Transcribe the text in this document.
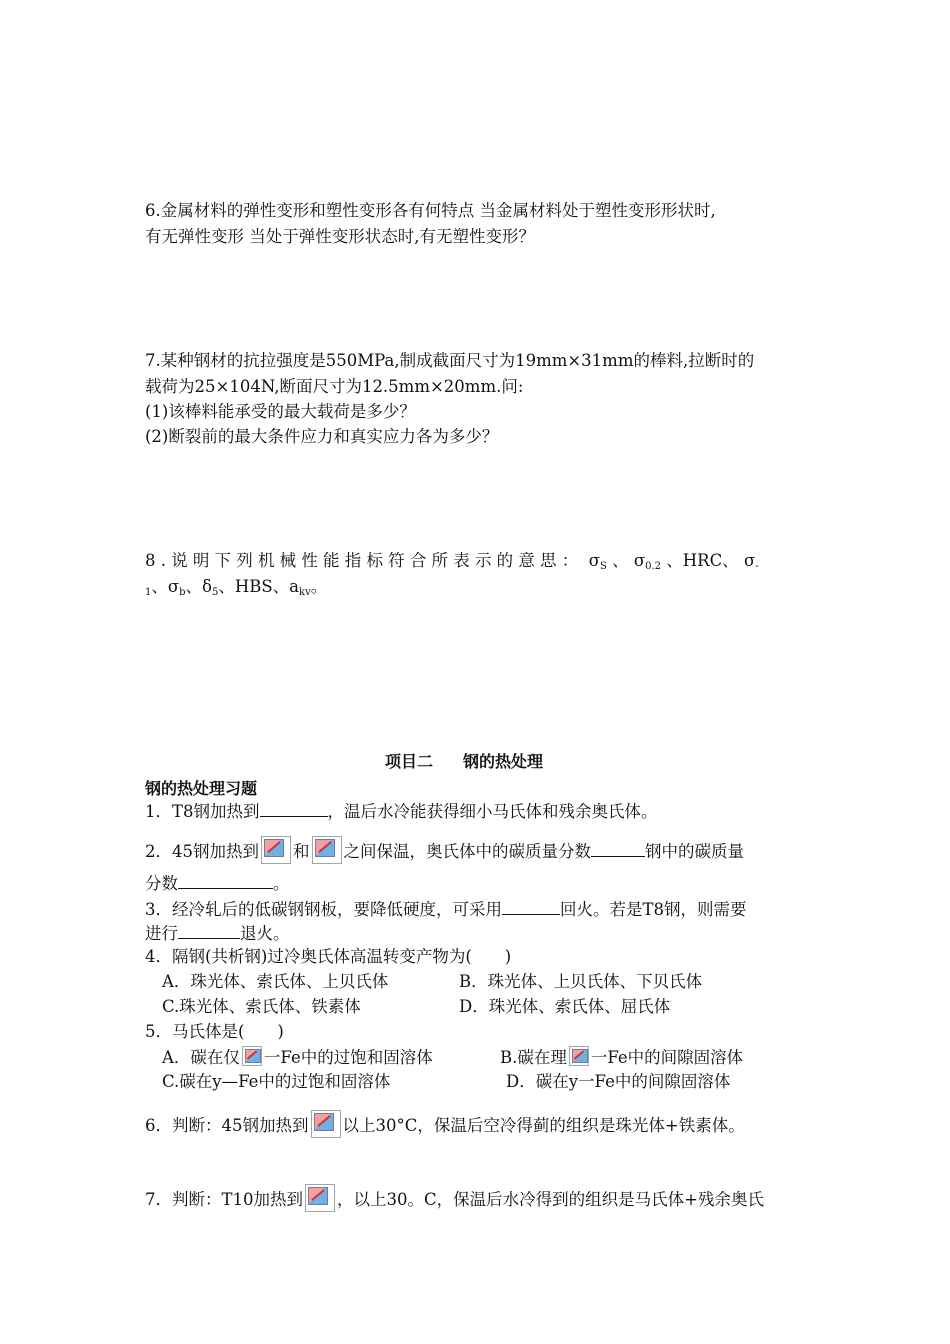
6.金属材料的弹性变形和塑性变形各有何特点 当金属材料处于塑性变形形状时,
有无弹性变形 当处于弹性变形状态时,有无塑性变形？
7.某种钢材的抗拉强度是550MPa,制成截面尺寸为19mm×31mm的棒料,拉断时的
载荷为25×104N,断面尺寸为12.5mm×20mm.问:
(1)该棒料能承受的最大载荷是多少？
(2)断裂前的最大条件应力和真实应力各为多少？
8.说明下列机械性能指标符合所表示的意思： $\sigma_S$ 、 $\sigma_{0.2}$ 、HRC、 $\sigma_-$
$_1$、$\sigma_b$、$\delta_5$、HBS、$a_{kv}$。
项目二 钢的热处理
钢的热处理习题
1．T8钢加热到	，温后水冷能获得细小马氏体和残余奥氏体。
2．45钢加热到 和 之间保温，奥氏体中的碳质量分数	钢中的碳质量
分数	。
3．经冷轧后的低碳钢钢板，要降低硬度，可采用	回火。若是T8钢，则需要
进行	退火。
4．隔钢(共析钢)过冷奥氏体高温转变产物为(　　)
A．珠光体、索氏体、上贝氏体	B．珠光体、上贝氏体、下贝氏体
C.珠光体、索氏体、铁素体	D．珠光体、索氏体、屈氏体
5．马氏体是(　　)
A．碳在仅 一Fe中的过饱和固溶体	B.碳在理 一Fe中的间隙固溶体
C.碳在y—Fe中的过饱和固溶体	D．碳在y一Fe中的间隙固溶体
6．判断：45钢加热到 以上30°C，保温后空冷得蓟的组织是珠光体+铁素体。
7．判断：T10加热到 ，以上30。C，保温后水冷得到的组织是马氏体+残余奥氏
